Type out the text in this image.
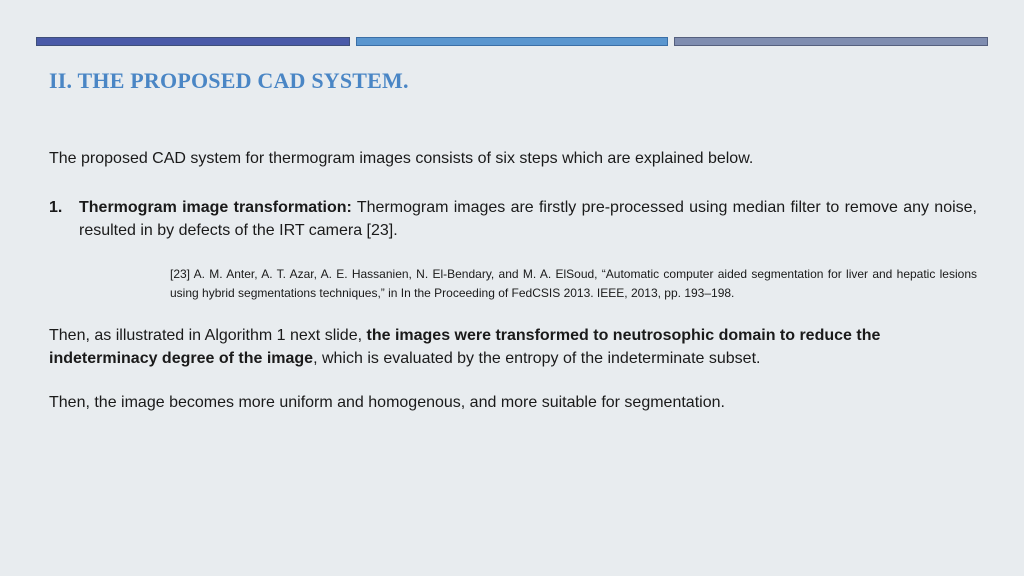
II. THE PROPOSED CAD SYSTEM.

The proposed CAD system for thermogram images consists of six steps which are explained below.

1. Thermogram image transformation: Thermogram images are firstly pre-processed using median filter to remove any noise, resulted in by defects of the IRT camera [23].

[23] A. M. Anter, A. T. Azar, A. E. Hassanien, N. El-Bendary, and M. A. ElSoud, “Automatic computer aided segmentation for liver and hepatic lesions using hybrid segmentations techniques,” in In the Proceeding of FedCSIS 2013. IEEE, 2013, pp. 193–198.

Then, as illustrated in Algorithm 1 next slide, the images were transformed to neutrosophic domain to reduce the indeterminacy degree of the image, which is evaluated by the entropy of the indeterminate subset.

Then, the image becomes more uniform and homogenous, and more suitable for segmentation.
